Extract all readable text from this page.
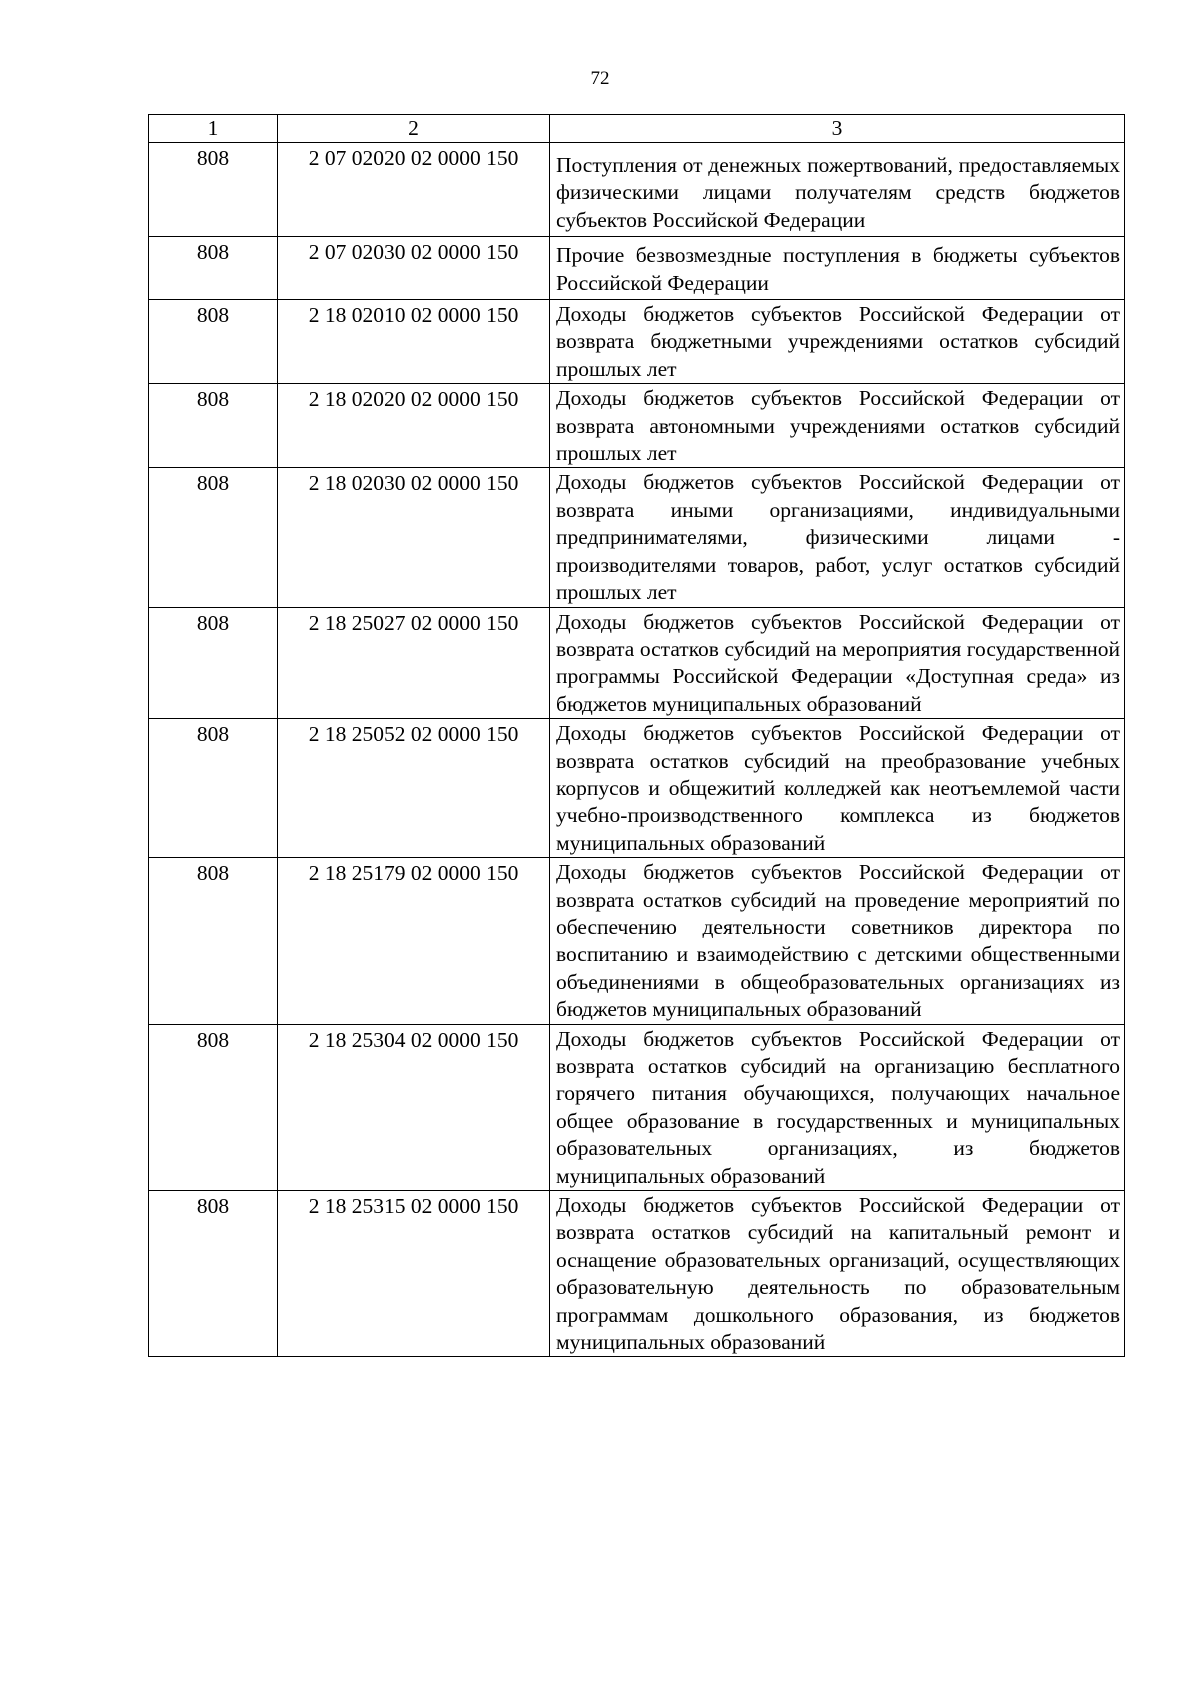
72
1	2	3
808	2 07 02020 02 0000 150	Поступления от денежных пожертвований, предоставляемых физическими лицами получателям средств бюджетов субъектов Российской Федерации

808	2 07 02030 02 0000 150	Прочие безвозмездные поступления в бюджеты субъектов Российской Федерации

808	2 18 02010 02 0000 150	Доходы бюджетов субъектов Российской Федерации от возврата бюджетными учреждениями остатков субсидий прошлых лет

808	2 18 02020 02 0000 150	Доходы бюджетов субъектов Российской Федерации от возврата автономными учреждениями остатков субсидий прошлых лет

808	2 18 02030 02 0000 150	Доходы бюджетов субъектов Российской Федерации от возврата иными организациями, индивидуальными предпринимателями, физическими лицами - производителями товаров, работ, услуг остатков субсидий прошлых лет

808	2 18 25027 02 0000 150	Доходы бюджетов субъектов Российской Федерации от возврата остатков субсидий на мероприятия государственной программы Российской Федерации «Доступная среда» из бюджетов муниципальных образований

808	2 18 25052 02 0000 150	Доходы бюджетов субъектов Российской Федерации от возврата остатков субсидий на преобразование учебных корпусов и общежитий колледжей как неотъемлемой части учебно-производственного комплекса из бюджетов муниципальных образований

808	2 18 25179 02 0000 150	Доходы бюджетов субъектов Российской Федерации от возврата остатков субсидий на проведение мероприятий по обеспечению деятельности советников директора по воспитанию и взаимодействию с детскими общественными объединениями в общеобразовательных организациях из бюджетов муниципальных образований

808	2 18 25304 02 0000 150	Доходы бюджетов субъектов Российской Федерации от возврата остатков субсидий на организацию бесплатного горячего питания обучающихся, получающих начальное общее образование в государственных и муниципальных образовательных организациях, из бюджетов муниципальных образований

808	2 18 25315 02 0000 150	Доходы бюджетов субъектов Российской Федерации от возврата остатков субсидий на капитальный ремонт и оснащение образовательных организаций, осуществляющих образовательную деятельность по образовательным программам дошкольного образования, из бюджетов муниципальных образований
